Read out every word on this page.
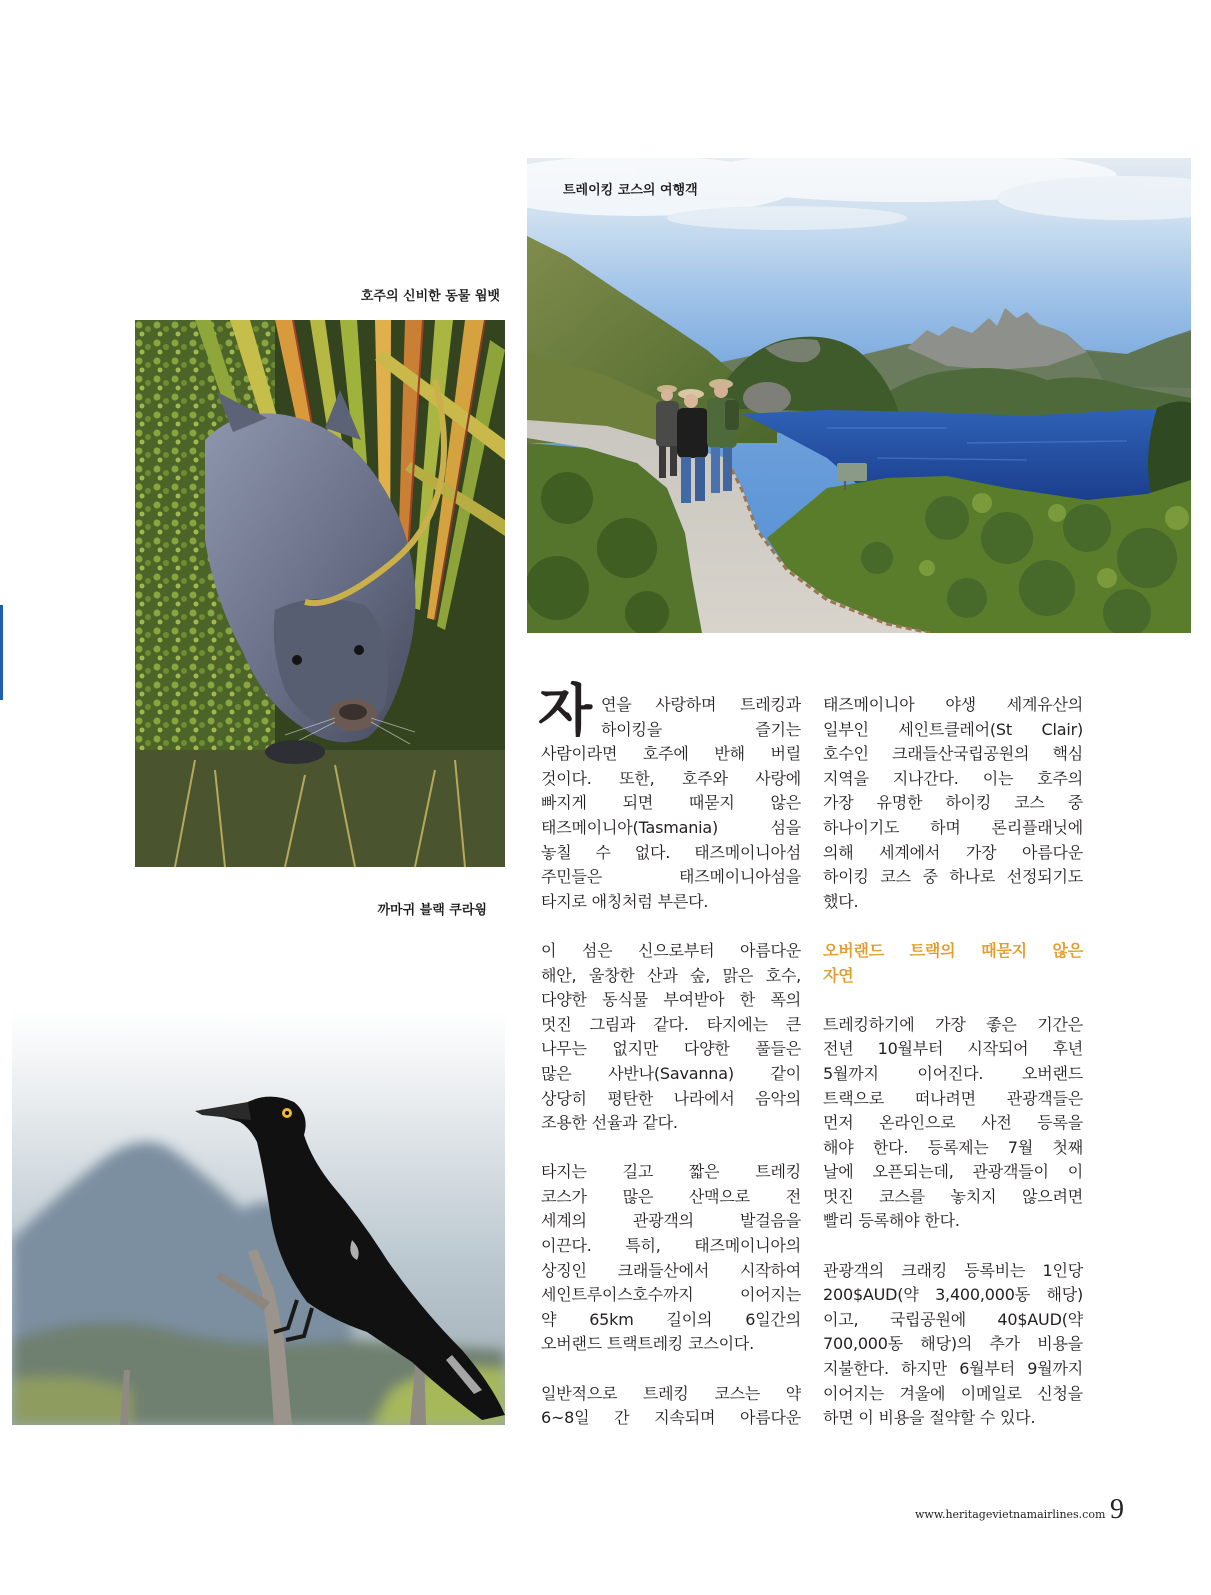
트레이킹 코스의 여행객
호주의 신비한 동물 웜뱃
까마귀 블랙 쿠라웡
자 연을 사랑하며 트레킹과
하이킹을 즐기는
사람이라면 호주에 반해 버릴
것이다. 또한, 호주와 사랑에
빠지게 되면 때묻지 않은
태즈메이니아(Tasmania) 섬을
놓칠 수 없다. 태즈메이니아섬
주민들은 태즈메이니아섬을
타지로 애칭처럼 부른다.
이 섬은 신으로부터 아름다운
해안, 울창한 산과 숲, 맑은 호수,
다양한 동식물 부여받아 한 폭의
멋진 그림과 같다. 타지에는 큰
나무는 없지만 다양한 풀들은
많은 사반나(Savanna) 같이
상당히 평탄한 나라에서 음악의
조용한 선율과 같다.
타지는 길고 짧은 트레킹
코스가 많은 산맥으로 전
세계의 관광객의 발걸음을
이끈다. 특히, 태즈메이니아의
상징인 크래들산에서 시작하여
세인트루이스호수까지 이어지는
약 65km 길이의 6일간의
오버랜드 트랙트레킹 코스이다.
일반적으로 트레킹 코스는 약
6~8일 간 지속되며 아름다운
태즈메이니아 야생 세계유산의
일부인 세인트클레어(St Clair)
호수인 크래들산국립공원의 핵심
지역을 지나간다. 이는 호주의
가장 유명한 하이킹 코스 중
하나이기도 하며 론리플래닛에
의해 세계에서 가장 아름다운
하이킹 코스 중 하나로 선정되기도
했다.
오버랜드 트랙의 때묻지 않은
자연
트레킹하기에 가장 좋은 기간은
전년 10월부터 시작되어 후년
5월까지 이어진다. 오버랜드
트랙으로 떠나려면 관광객들은
먼저 온라인으로 사전 등록을
해야 한다. 등록제는 7월 첫째
날에 오픈되는데, 관광객들이 이
멋진 코스를 놓치지 않으려면
빨리 등록해야 한다.
관광객의 크래킹 등록비는 1인당
200$AUD(약 3,400,000동 해당)
이고, 국립공원에 40$AUD(약
700,000동 해당)의 추가 비용을
지불한다. 하지만 6월부터 9월까지
이어지는 겨울에 이메일로 신청을
하면 이 비용을 절약할 수 있다.
www.heritagevietnamairlines.com 9
